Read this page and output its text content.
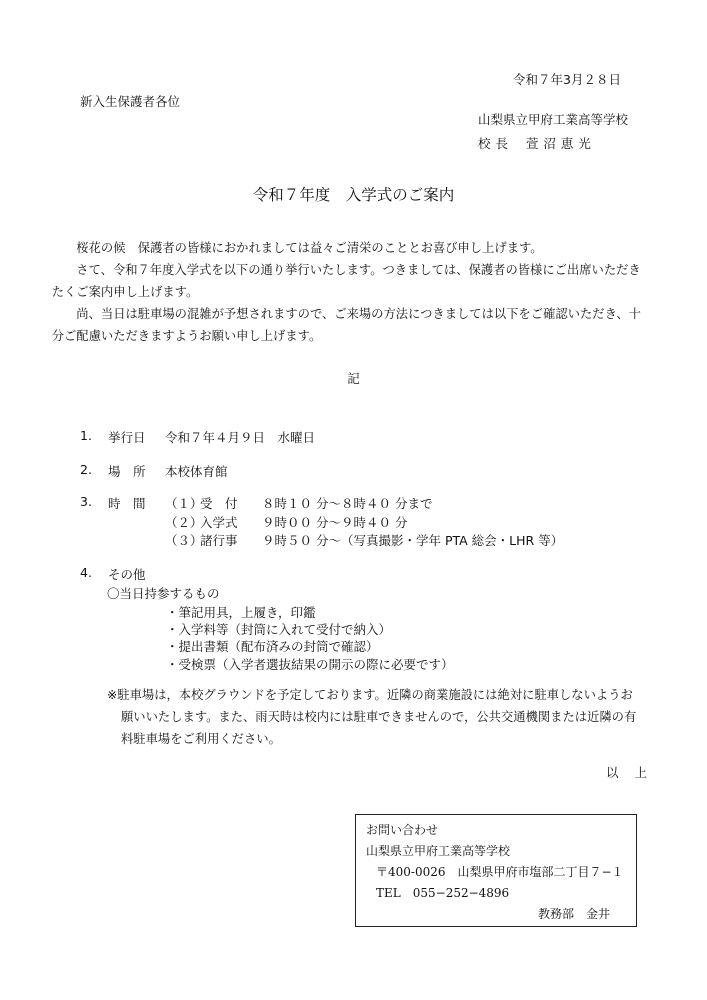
令和７年3月２８日
新入生保護者各位
山梨県立甲府工業高等学校
校 長　 萱 沼 恵 光
令和７年度　入学式のご案内

桜花の候　保護者の皆様におかれましては益々ご清栄のこととお喜び申し上げます。

さて、令和７年度入学式を以下の通り挙行いたします。つきましては、保護者の皆様にご出席いただき
たくご案内申し上げます。

尚、当日は駐車場の混雑が予想されますので、ご来場の方法につきましては以下をご確認いただき、十
分ご配慮いただきますようお願い申し上げます。

記
1. 挙行日 令和７年４月９日　水曜日
2. 場　所 本校体育館
3. 時　間 （１）
受　付 ８時１０ 分〜８時４０ 分まで
（２）
入学式 ９時００ 分〜９時４０ 分
（３）
諸行事 ９時５０ 分〜（写真撮影・学年 PTA 総会・LHR 等）
4. その他
〇当日持参するもの
・筆記用具，上履き，印鑑
・入学料等（封筒に入れて受付で納入）
・提出書類（配布済みの封筒で確認）
・受検票（入学者選抜結果の開示の際に必要です）
※駐車場は，本校グラウンドを予定しております。近隣の商業施設には絶対に駐車しないようお
願いいたします。また、雨天時は校内には駐車できませんので，公共交通機関または近隣の有
料駐車場をご利用ください。
以 上
お問い合わせ
山梨県立甲府工業高等学校
〒400-0026　山梨県甲府市塩部二丁目７−１
TEL　055−252−4896
教務部　金井
